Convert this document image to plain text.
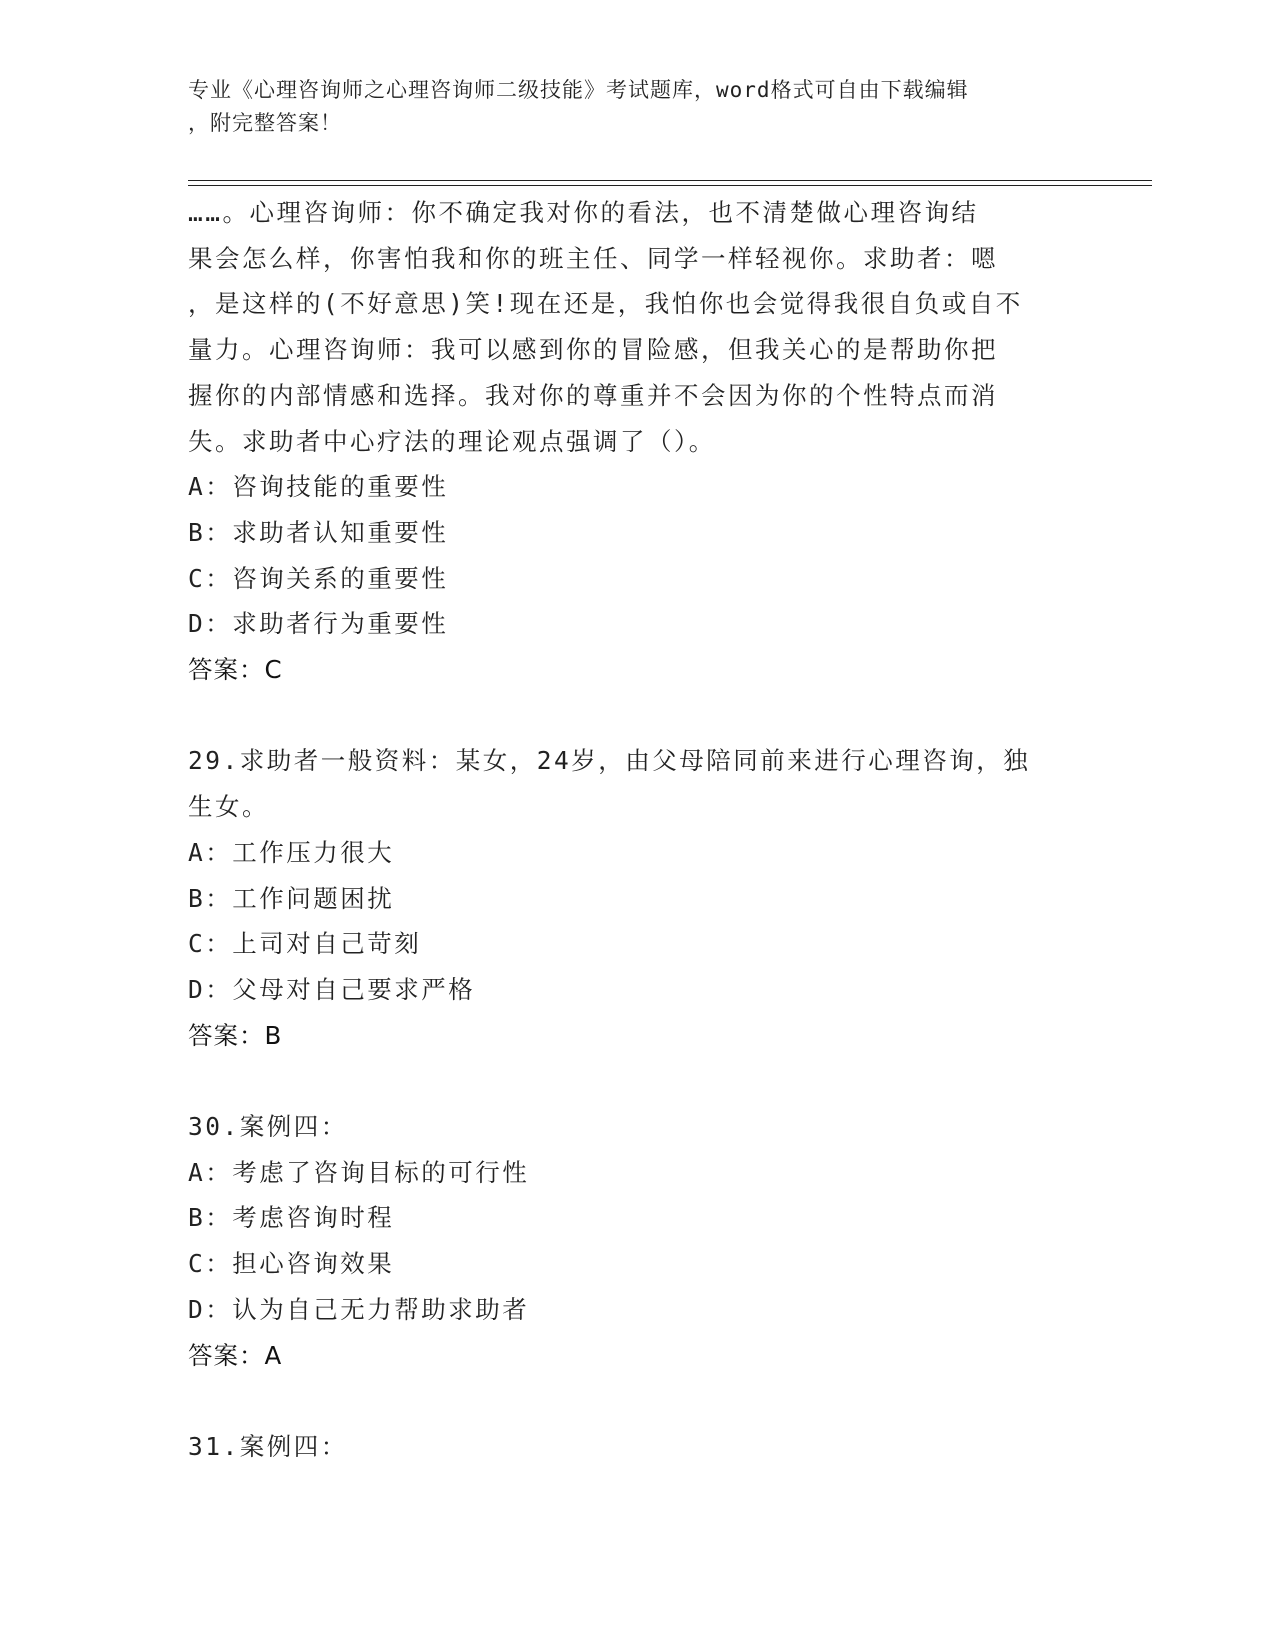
专业《心理咨询师之心理咨询师二级技能》考试题库，word格式可自由下载编辑
，附完整答案！
……。心理咨询师：你不确定我对你的看法，也不清楚做心理咨询结
果会怎么样，你害怕我和你的班主任、同学一样轻视你。求助者：嗯
，是这样的(不好意思)笑!现在还是，我怕你也会觉得我很自负或自不
量力。心理咨询师：我可以感到你的冒险感，但我关心的是帮助你把
握你的内部情感和选择。我对你的尊重并不会因为你的个性特点而消
失。求助者中心疗法的理论观点强调了（）。
A：咨询技能的重要性
B：求助者认知重要性
C：咨询关系的重要性
D：求助者行为重要性
答案：C
29.求助者一般资料：某女，24岁，由父母陪同前来进行心理咨询，独
生女。
A：工作压力很大
B：工作问题困扰
C：上司对自己苛刻
D：父母对自己要求严格
答案：B
30.案例四：
A：考虑了咨询目标的可行性
B：考虑咨询时程
C：担心咨询效果
D：认为自己无力帮助求助者
答案：A
31.案例四：
